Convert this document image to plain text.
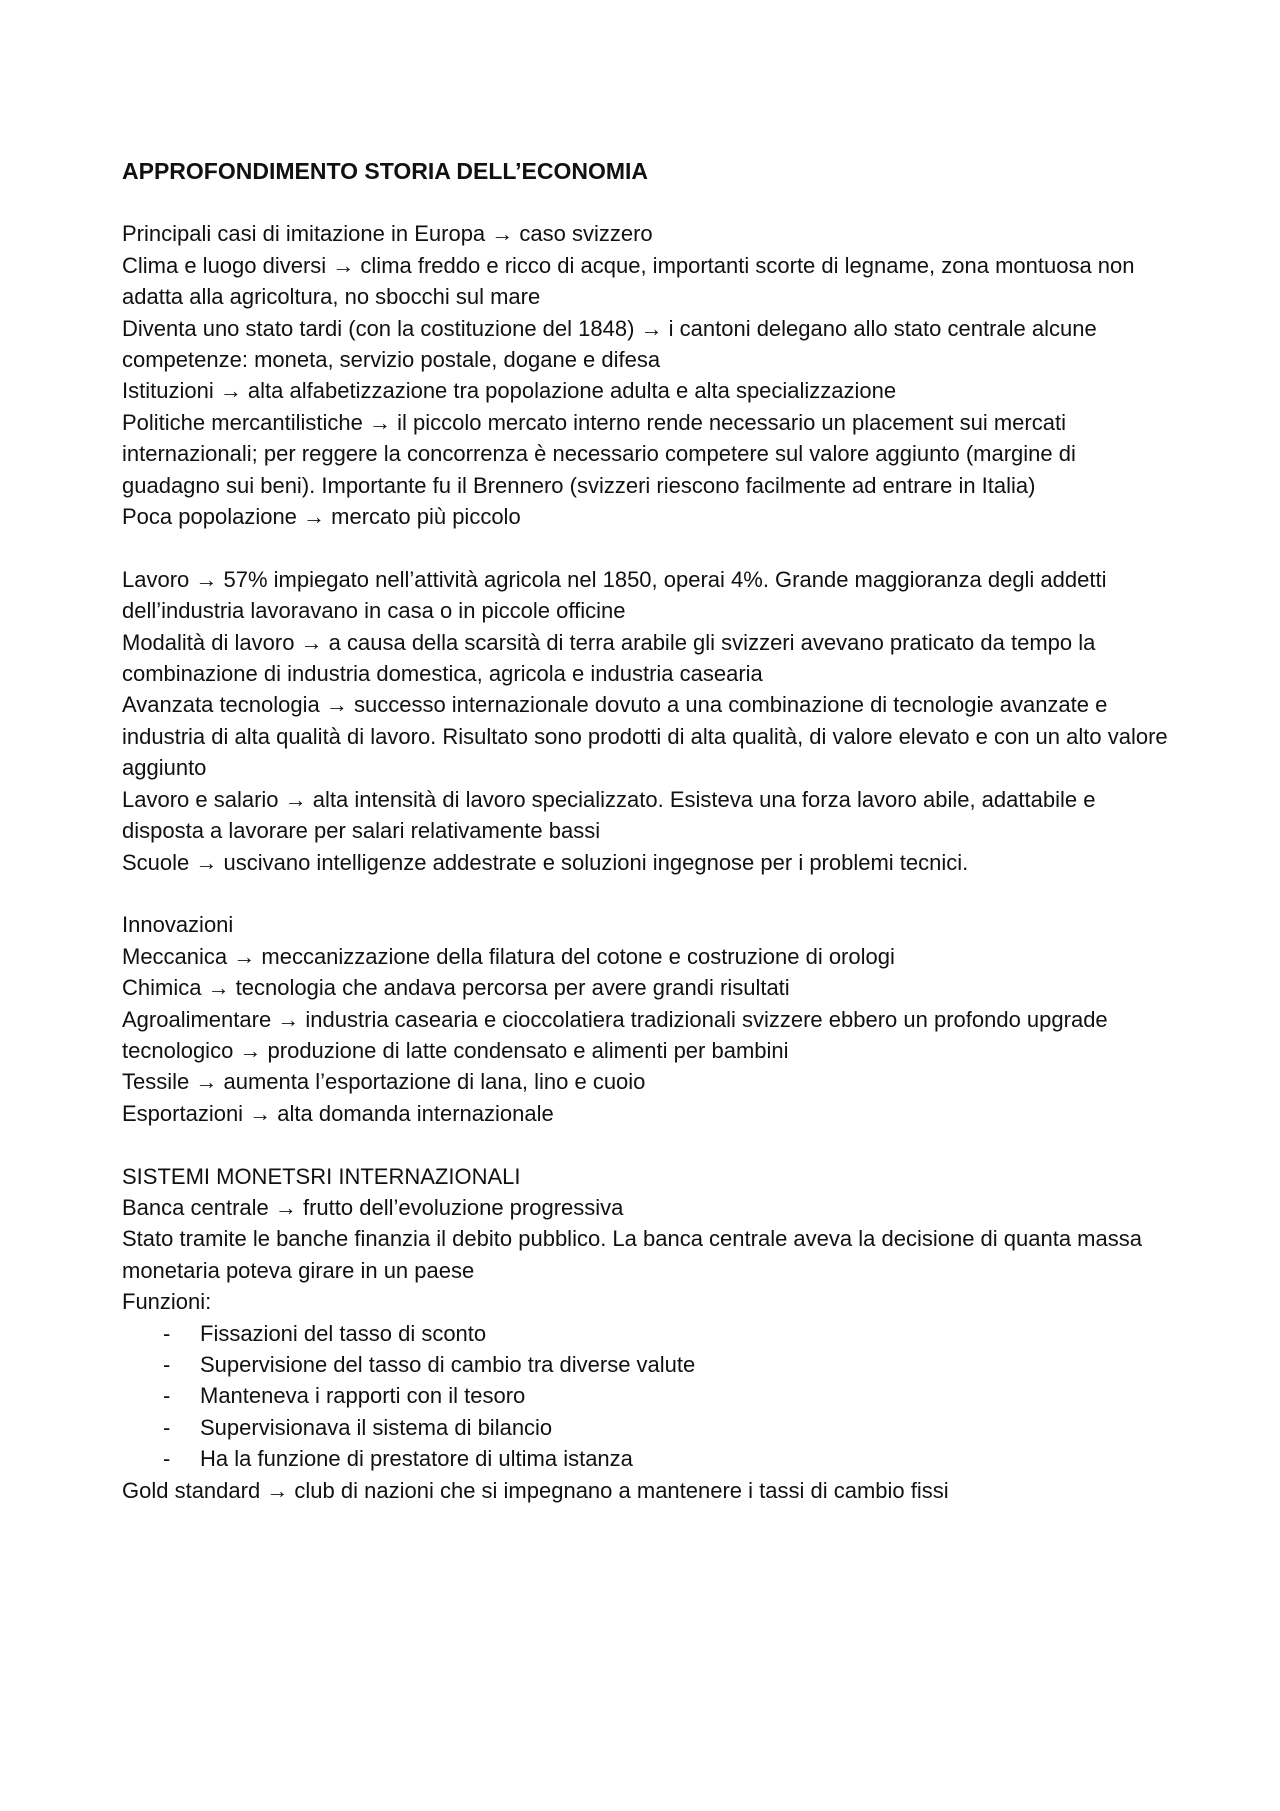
APPROFONDIMENTO STORIA DELL’ECONOMIA

Principali casi di imitazione in Europa → caso svizzero

Clima e luogo diversi → clima freddo e ricco di acque, importanti scorte di legname, zona montuosa non adatta alla agricoltura, no sbocchi sul mare

Diventa uno stato tardi (con la costituzione del 1848) → i cantoni delegano allo stato centrale alcune competenze: moneta, servizio postale, dogane e difesa

Istituzioni → alta alfabetizzazione tra popolazione adulta e alta specializzazione

Politiche mercantilistiche → il piccolo mercato interno rende necessario un placement sui mercati internazionali; per reggere la concorrenza è necessario competere sul valore aggiunto (margine di guadagno sui beni). Importante fu il Brennero (svizzeri riescono facilmente ad entrare in Italia)

Poca popolazione → mercato più piccolo

Lavoro → 57% impiegato nell’attività agricola nel 1850, operai 4%. Grande maggioranza degli addetti dell’industria lavoravano in casa o in piccole officine

Modalità di lavoro → a causa della scarsità di terra arabile gli svizzeri avevano praticato da tempo la combinazione di industria domestica, agricola e industria casearia

Avanzata tecnologia → successo internazionale dovuto a una combinazione di tecnologie avanzate e industria di alta qualità di lavoro. Risultato sono prodotti di alta qualità, di valore elevato e con un alto valore aggiunto

Lavoro e salario → alta intensità di lavoro specializzato. Esisteva una forza lavoro abile, adattabile e disposta a lavorare per salari relativamente bassi

Scuole → uscivano intelligenze addestrate e soluzioni ingegnose per i problemi tecnici.

Innovazioni

Meccanica → meccanizzazione della filatura del cotone e costruzione di orologi

Chimica → tecnologia che andava percorsa per avere grandi risultati

Agroalimentare → industria casearia e cioccolatiera tradizionali svizzere ebbero un profondo upgrade tecnologico → produzione di latte condensato e alimenti per bambini

Tessile → aumenta l’esportazione di lana, lino e cuoio

Esportazioni → alta domanda internazionale

SISTEMI MONETSRI INTERNAZIONALI

Banca centrale → frutto dell’evoluzione progressiva

Stato tramite le banche finanzia il debito pubblico. La banca centrale aveva la decisione di quanta massa monetaria poteva girare in un paese

Funzioni:

- Fissazioni del tasso di sconto
- Supervisione del tasso di cambio tra diverse valute
- Manteneva i rapporti con il tesoro
- Supervisionava il sistema di bilancio
- Ha la funzione di prestatore di ultima istanza

Gold standard → club di nazioni che si impegnano a mantenere i tassi di cambio fissi
